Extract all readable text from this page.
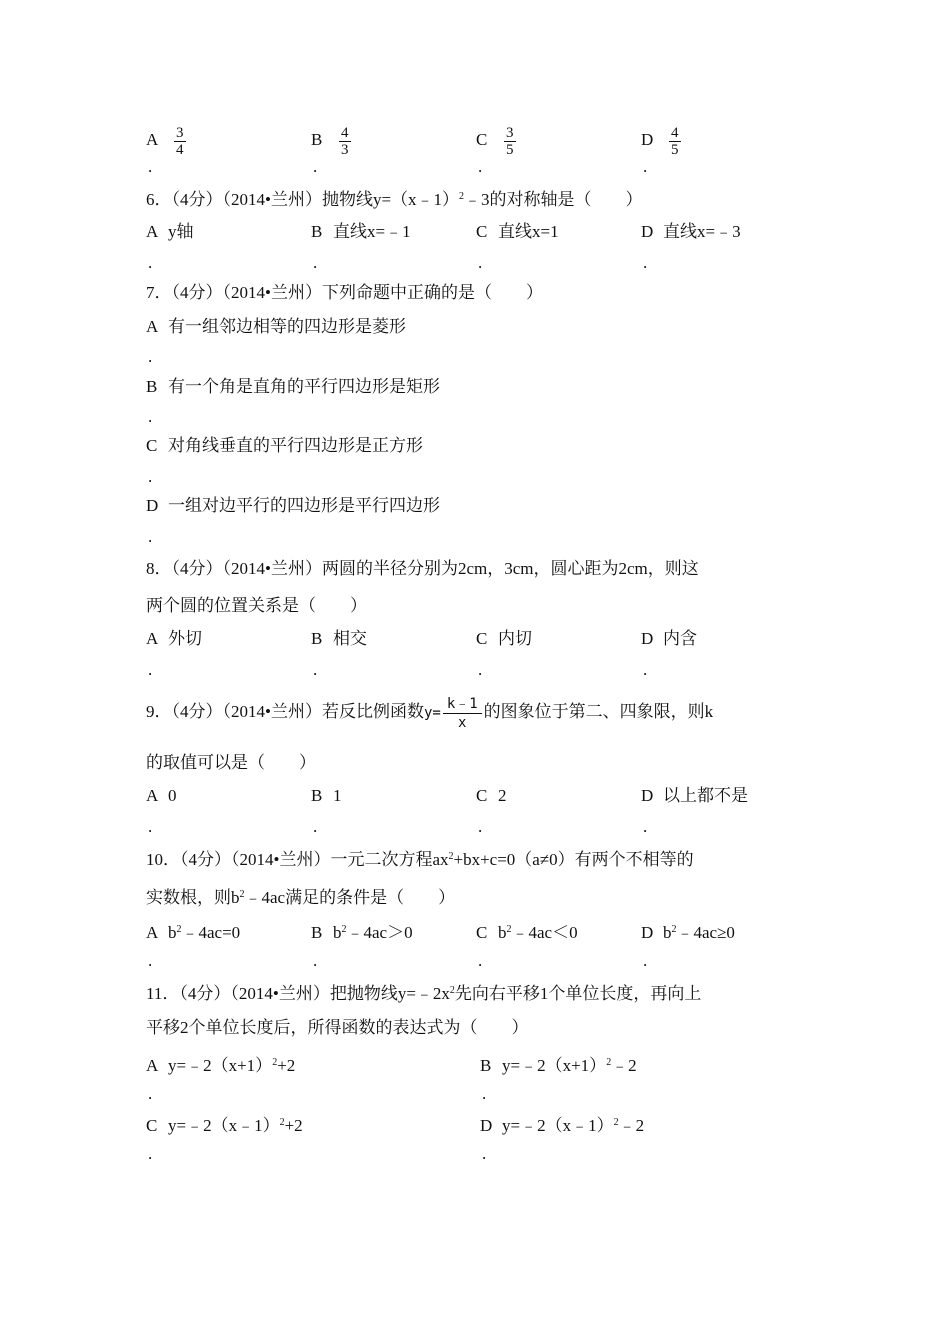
A $\frac{3}{4}$	B $\frac{4}{3}$	C $\frac{3}{5}$	D $\frac{4}{5}$
.	.	.	.
6．（4分）（2014•兰州）抛物线y=（x﹣1）$^2$﹣3的对称轴是（　　）
A y轴	B 直线x=﹣1	C 直线x=1	D 直线x=﹣3
.	.	.	.
7．（4分）（2014•兰州）下列命题中正确的是（　　）
A 有一组邻边相等的四边形是菱形
.
B 有一个角是直角的平行四边形是矩形
.
C 对角线垂直的平行四边形是正方形
.
D 一组对边平行的四边形是平行四边形
.
8．（4分）（2014•兰州）两圆的半径分别为2cm，3cm，圆心距为2cm，则这
两个圆的位置关系是（　　）
A 外切	B 相交	C 内切	D 内含
.	.	.	.
9．（4分）（2014•兰州）若反比例函数$y= \frac{k﹣1}{x}$ 的图象位于第二、四象限，则k
的取值可以是（　　）
A 0	B 1	C 2	D 以上都不是
.	.	.	.
10．（4分）（2014•兰州）一元二次方程$ax^2+bx+c=0(a\ne 0)$有两个不相等的
实数根，则$b^2﹣4ac$满足的条件是（　　）
A $b^2﹣4ac=0$	B $b^2﹣4ac>0$	C $b^2﹣4ac<0$	D $b^2﹣4ac\ge 0$
.	.	.	.
11．（4分）（2014•兰州）把抛物线$y=﹣2x^2$先向右平移1个单位长度，再向上
平移2个单位长度后，所得函数的表达式为（　　）
A $y=﹣2(x+1)^2+2$	B $y=﹣2(x+1)^2﹣2$
.	.
C y=﹣2（x﹣1）$^2$+2	D y=﹣2（x﹣1）$^2$﹣2
.	.
